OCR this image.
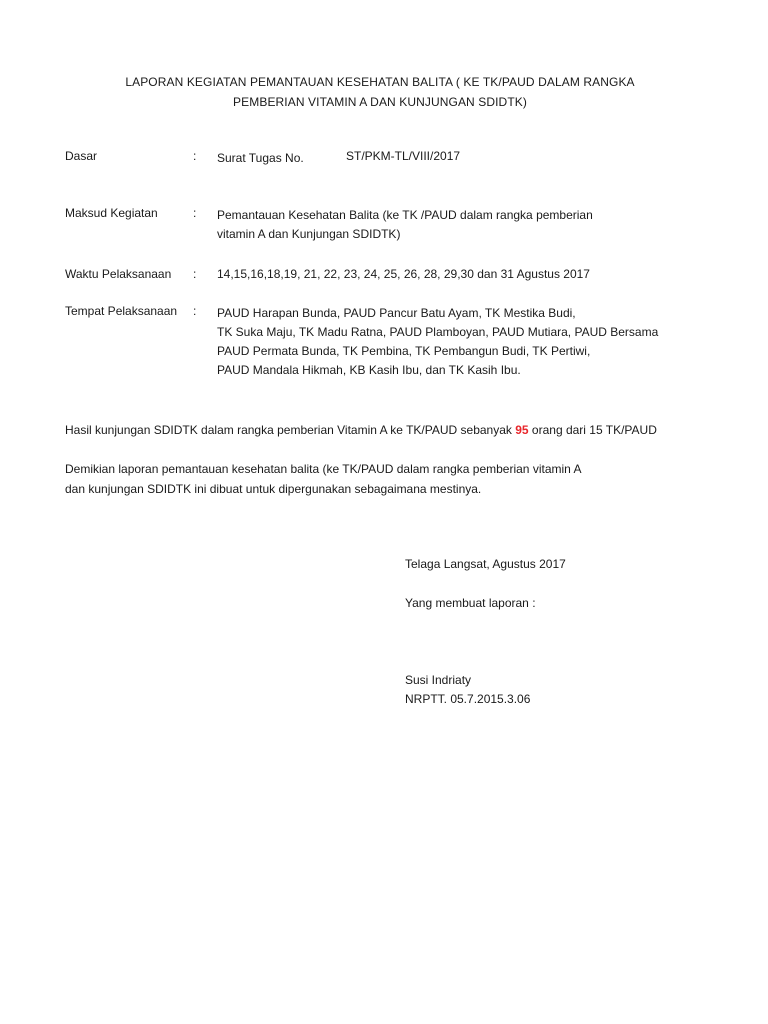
LAPORAN KEGIATAN PEMANTAUAN KESEHATAN BALITA ( KE TK/PAUD DALAM RANGKA
PEMBERIAN VITAMIN A DAN KUNJUNGAN SDIDTK)
Dasar	: Surat Tugas No.	ST/PKM-TL/VIII/2017
Maksud Kegiatan	: Pemantauan Kesehatan Balita (ke TK /PAUD dalam rangka pemberian
vitamin A dan Kunjungan SDIDTK)
Waktu Pelaksanaan : 14,15,16,18,19, 21, 22, 23, 24, 25, 26, 28, 29,30 dan 31 Agustus 2017
Tempat Pelaksanaan : PAUD Harapan Bunda, PAUD Pancur Batu Ayam, TK Mestika Budi,
TK Suka Maju, TK Madu Ratna, PAUD Plamboyan, PAUD Mutiara, PAUD Bersama
PAUD Permata Bunda, TK Pembina, TK Pembangun Budi, TK Pertiwi,
PAUD Mandala Hikmah, KB Kasih Ibu, dan TK Kasih Ibu.
Hasil kunjungan SDIDTK dalam rangka pemberian Vitamin A ke TK/PAUD sebanyak 95 orang dari 15 TK/PAUD
Demikian laporan pemantauan kesehatan balita (ke TK/PAUD dalam rangka pemberian vitamin A
dan kunjungan SDIDTK ini dibuat untuk dipergunakan sebagaimana mestinya.
Telaga Langsat, Agustus 2017
Yang membuat laporan :
Susi Indriaty
NRPTT. 05.7.2015.3.06
